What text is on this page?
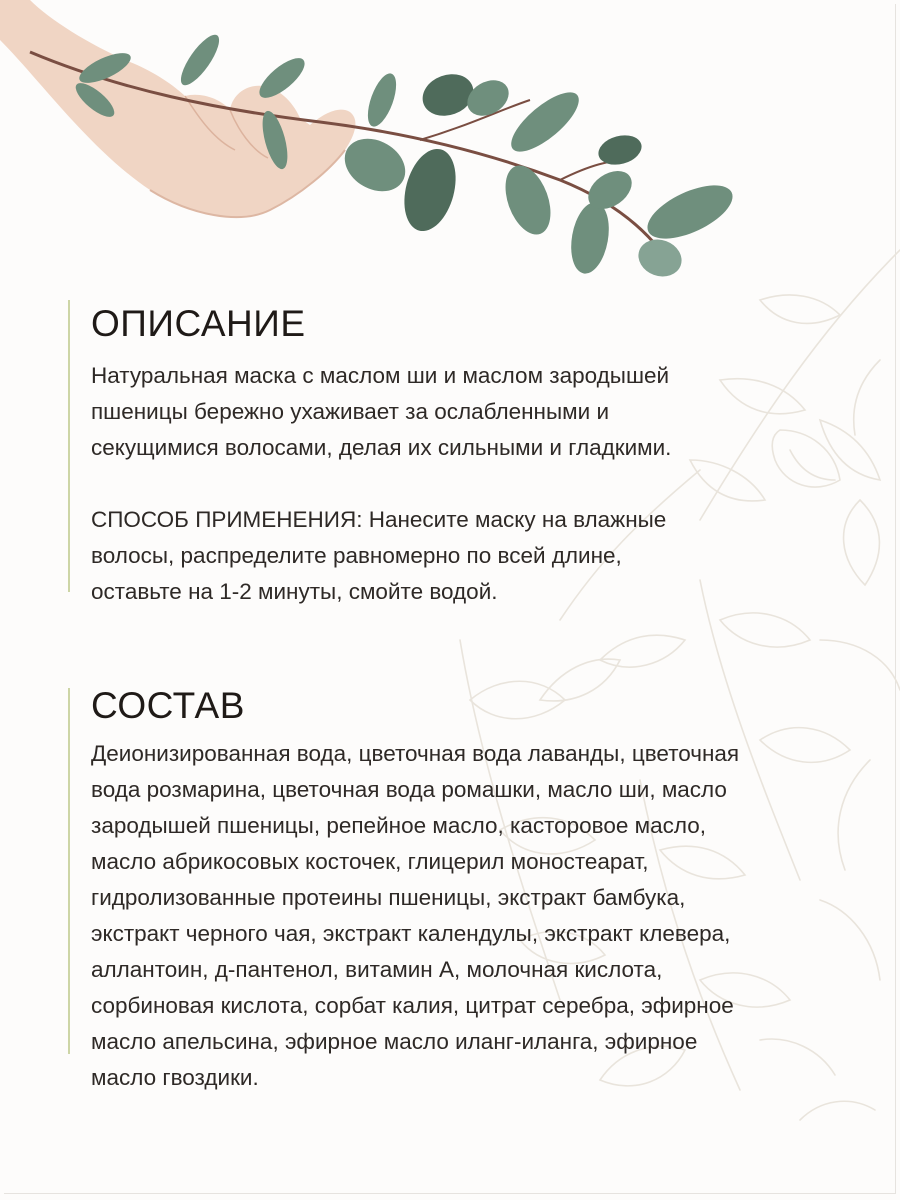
ОПИСАНИЕ

Натуральная маска с маслом ши и маслом зародышей
пшеницы бережно ухаживает за ослабленными и
секущимися волосами, делая их сильными и гладкими.

СПОСОБ ПРИМЕНЕНИЯ: Нанесите маску на влажные
волосы, распределите равномерно по всей длине,
оставьте на 1-2 минуты, смойте водой.

СОСТАВ

Деионизированная вода, цветочная вода лаванды, цветочная
вода розмарина, цветочная вода ромашки, масло ши, масло
зародышей пшеницы, репейное масло, касторовое масло,
масло абрикосовых косточек, глицерил моностеарат,
гидролизованные протеины пшеницы, экстракт бамбука,
экстракт черного чая, экстракт календулы, экстракт клевера,
аллантоин, д-пантенол, витамин А, молочная кислота,
сорбиновая кислота, сорбат калия, цитрат серебра, эфирное
масло апельсина, эфирное масло иланг-иланга, эфирное
масло гвоздики.
